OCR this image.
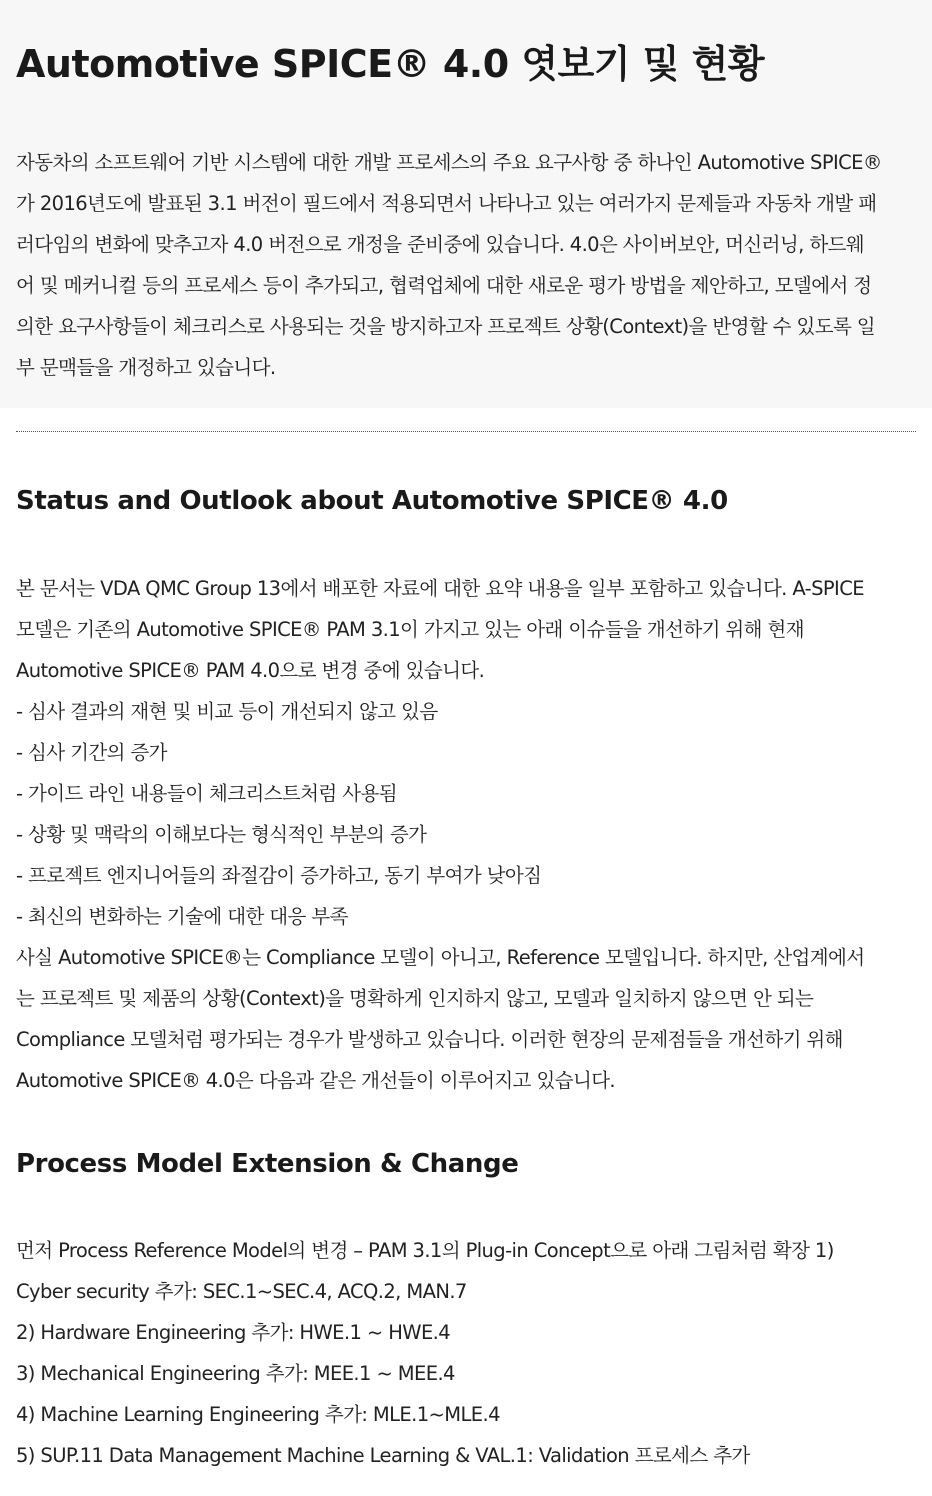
Automotive SPICE® 4.0 엿보기 및 현황

자동차의 소프트웨어 기반 시스템에 대한 개발 프로세스의 주요 요구사항 중 하나인 Automotive SPICE®
가 2016년도에 발표된 3.1 버전이 필드에서 적용되면서 나타나고 있는 여러가지 문제들과 자동차 개발 패
러다임의 변화에 맞추고자 4.0 버전으로 개정을 준비중에 있습니다. 4.0은 사이버보안, 머신러닝, 하드웨
어 및 메커니컬 등의 프로세스 등이 추가되고, 협력업체에 대한 새로운 평가 방법을 제안하고, 모델에서 정
의한 요구사항들이 체크리스로 사용되는 것을 방지하고자 프로젝트 상황(Context)을 반영할 수 있도록 일
부 문맥들을 개정하고 있습니다.

Status and Outlook about Automotive SPICE® 4.0

본 문서는 VDA QMC Group 13에서 배포한 자료에 대한 요약 내용을 일부 포함하고 있습니다. A-SPICE
모델은 기존의 Automotive SPICE® PAM 3.1이 가지고 있는 아래 이슈들을 개선하기 위해 현재
Automotive SPICE® PAM 4.0으로 변경 중에 있습니다.
- 심사 결과의 재현 및 비교 등이 개선되지 않고 있음
- 심사 기간의 증가
- 가이드 라인 내용들이 체크리스트처럼 사용됨
- 상황 및 맥락의 이해보다는 형식적인 부분의 증가
- 프로젝트 엔지니어들의 좌절감이 증가하고, 동기 부여가 낮아짐
- 최신의 변화하는 기술에 대한 대응 부족
사실 Automotive SPICE®는 Compliance 모델이 아니고, Reference 모델입니다. 하지만, 산업계에서
는 프로젝트 및 제품의 상황(Context)을 명확하게 인지하지 않고, 모델과 일치하지 않으면 안 되는
Compliance 모델처럼 평가되는 경우가 발생하고 있습니다. 이러한 현장의 문제점들을 개선하기 위해
Automotive SPICE® 4.0은 다음과 같은 개선들이 이루어지고 있습니다.

Process Model Extension & Change

먼저 Process Reference Model의 변경 – PAM 3.1의 Plug-in Concept으로 아래 그림처럼 확장 1)
Cyber security 추가: SEC.1~SEC.4, ACQ.2, MAN.7
2) Hardware Engineering 추가: HWE.1 ~ HWE.4
3) Mechanical Engineering 추가: MEE.1 ~ MEE.4
4) Machine Learning Engineering 추가: MLE.1~MLE.4
5) SUP.11 Data Management Machine Learning & VAL.1: Validation 프로세스 추가
